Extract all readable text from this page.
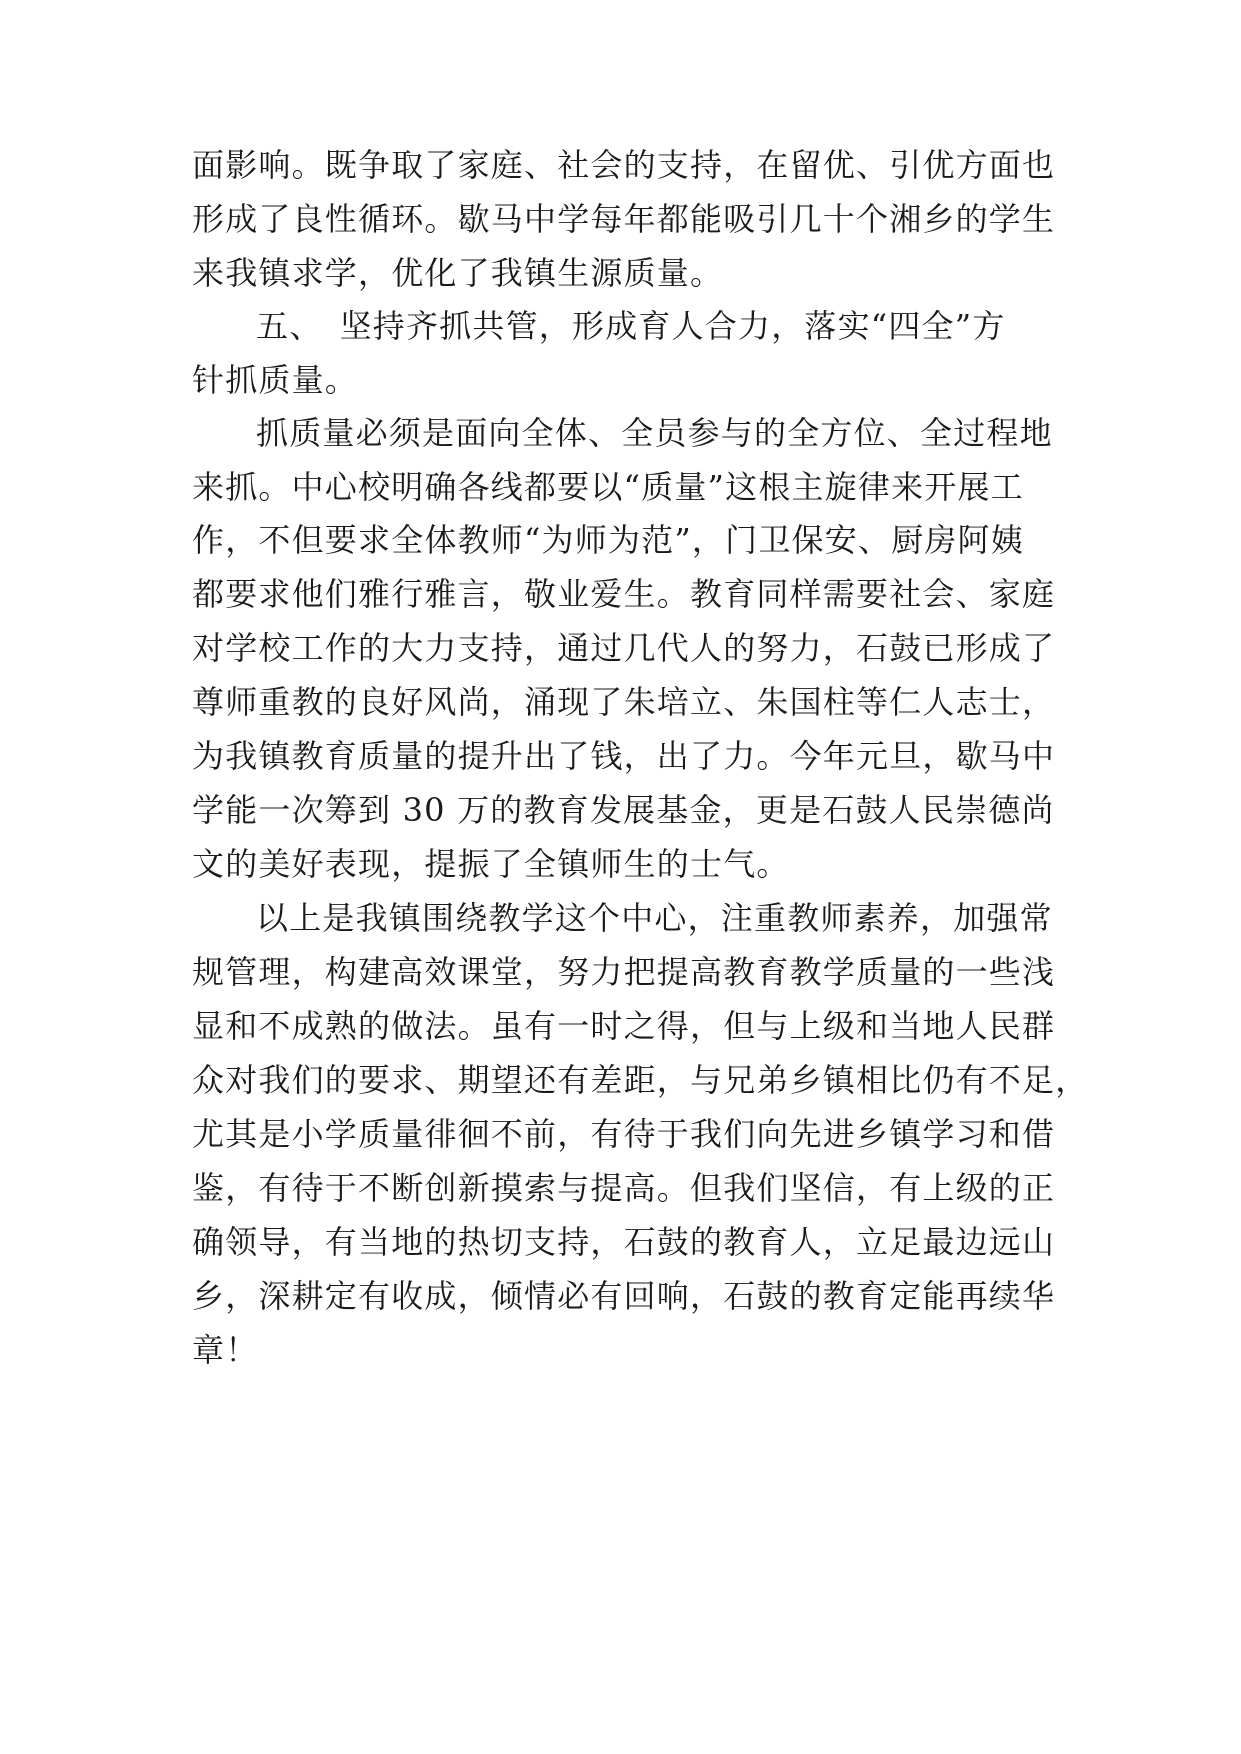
面影响。既争取了家庭、社会的支持，在留优、引优方面也
形成了良性循环。歇马中学每年都能吸引几十个湘乡的学生
来我镇求学，优化了我镇生源质量。
五、　坚持齐抓共管，形成育人合力，落实“四全”方
针抓质量。
抓质量必须是面向全体、全员参与的全方位、全过程地
来抓。中心校明确各线都要以“质量”这根主旋律来开展工
作，不但要求全体教师“为师为范”，门卫保安、厨房阿姨
都要求他们雅行雅言，敬业爱生。教育同样需要社会、家庭
对学校工作的大力支持，通过几代人的努力，石鼓已形成了
尊师重教的良好风尚，涌现了朱培立、朱国柱等仁人志士，
为我镇教育质量的提升出了钱，出了力。今年元旦，歇马中
学能一次筹到 30 万的教育发展基金，更是石鼓人民崇德尚
文的美好表现，提振了全镇师生的士气。
以上是我镇围绕教学这个中心，注重教师素养，加强常
规管理，构建高效课堂，努力把提高教育教学质量的一些浅
显和不成熟的做法。虽有一时之得，但与上级和当地人民群
众对我们的要求、期望还有差距，与兄弟乡镇相比仍有不足，
尤其是小学质量徘徊不前，有待于我们向先进乡镇学习和借
鉴，有待于不断创新摸索与提高。但我们坚信，有上级的正
确领导，有当地的热切支持，石鼓的教育人，立足最边远山
乡，深耕定有收成，倾情必有回响，石鼓的教育定能再续华
章！
